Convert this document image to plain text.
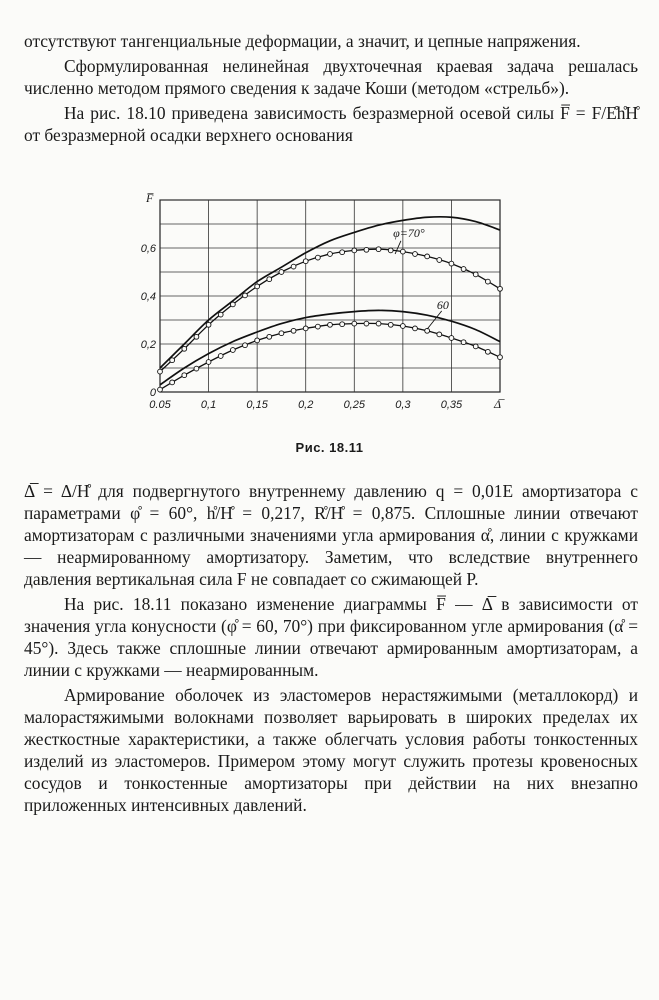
отсутствуют тангенциальные деформации, а значит, и цепные напряжения.

Сформулированная нелинейная двухточечная краевая задача решалась численно методом прямого сведения к задаче Коши (методом «стрельб»).

На рис. 18.10 приведена зависимость безразмерной осевой силы F̅ = F/E̊h̊H̊ от безразмерной осадки верхнего основания

0.05	0,1	0,15	0,2	0,25	0,3	0,35
0
0,2
0,4
0,6
F̅
Δ̅
φ=70°
60
Рис. 18.11

Δ̅ = Δ/H̊ для подвергнутого внутреннему давлению q = 0,01E амортизатора с параметрами φ̊ = 60°, h̊/H̊ = 0,217, R̊/H̊ = 0,875. Сплошные линии отвечают амортизаторам с различными значениями угла армирования α̊, линии с кружками — неармированному амортизатору. Заметим, что вследствие внутреннего давления вертикальная сила F не совпадает со сжимающей P.

На рис. 18.11 показано изменение диаграммы F̅ — Δ̅ в зависимости от значения угла конусности (φ̊ = 60, 70°) при фиксированном угле армирования (α̊ = 45°). Здесь также сплошные линии отвечают армированным амортизаторам, а линии с кружками — неармированным.

Армирование оболочек из эластомеров нерастяжимыми (металлокорд) и малорастяжимыми волокнами позволяет варьировать в широких пределах их жесткостные характеристики, а также облегчать условия работы тонкостенных изделий из эластомеров. Примером этому могут служить протезы кровеносных сосудов и тонкостенные амортизаторы при действии на них внезапно приложенных интенсивных давлений.
